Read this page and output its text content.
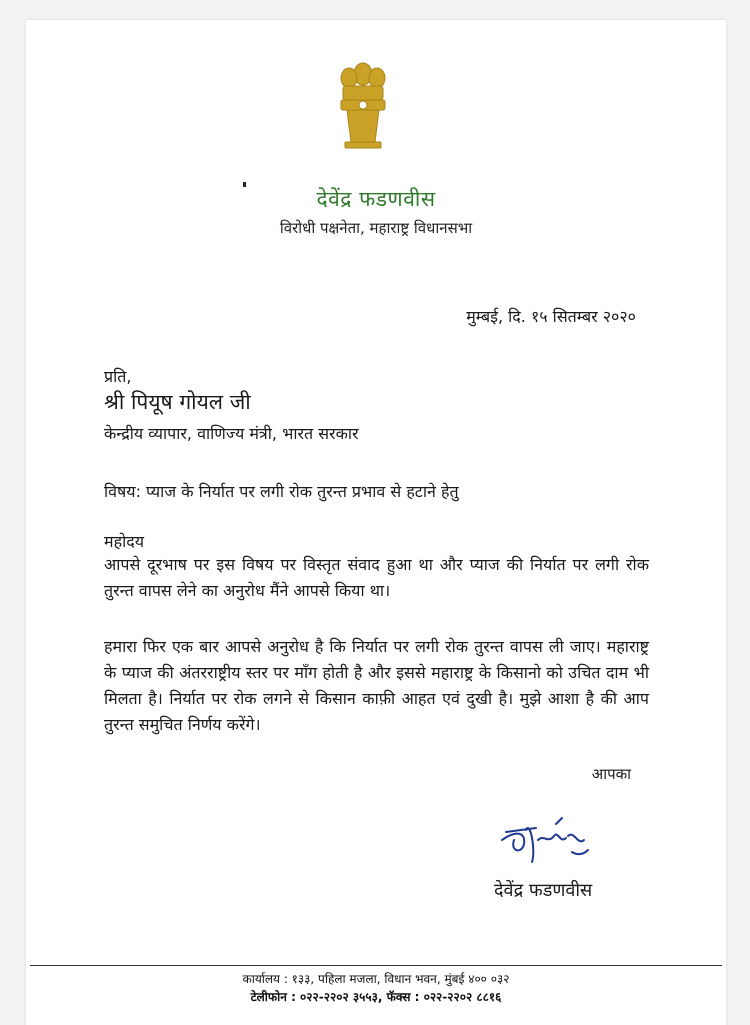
देवेंद्र फडणवीस
विरोधी पक्षनेता, महाराष्ट्र विधानसभा
मुम्बई, दि. १५ सितम्बर २०२०
प्रति,
श्री पियूष गोयल जी
केन्द्रीय व्यापार, वाणिज्य मंत्री, भारत सरकार
विषय: प्याज के निर्यात पर लगी रोक तुरन्त प्रभाव से हटाने हेतु
महोदय
आपसे दूरभाष पर इस विषय पर विस्तृत संवाद हुआ था और प्याज की निर्यात पर लगी रोक तुरन्त वापस लेने का अनुरोध मैंने आपसे किया था।
हमारा फिर एक बार आपसे अनुरोध है कि निर्यात पर लगी रोक तुरन्त वापस ली जाए। महाराष्ट्र के प्याज की अंतरराष्ट्रीय स्तर पर माँग होती है और इससे महाराष्ट्र के किसानो को उचित दाम भी मिलता है। निर्यात पर रोक लगने से किसान काफ़ी आहत एवं दुखी है। मुझे आशा है की आप तुरन्त समुचित निर्णय करेंगे।
आपका
देवेंद्र फडणवीस
कार्यालय : १३३, पहिला मजला, विधान भवन, मुंबई ४०० ०३२
टेलीफोन : ०२२-२२०२ ३५५३, फॅक्स : ०२२-२२०२ ८८१६
